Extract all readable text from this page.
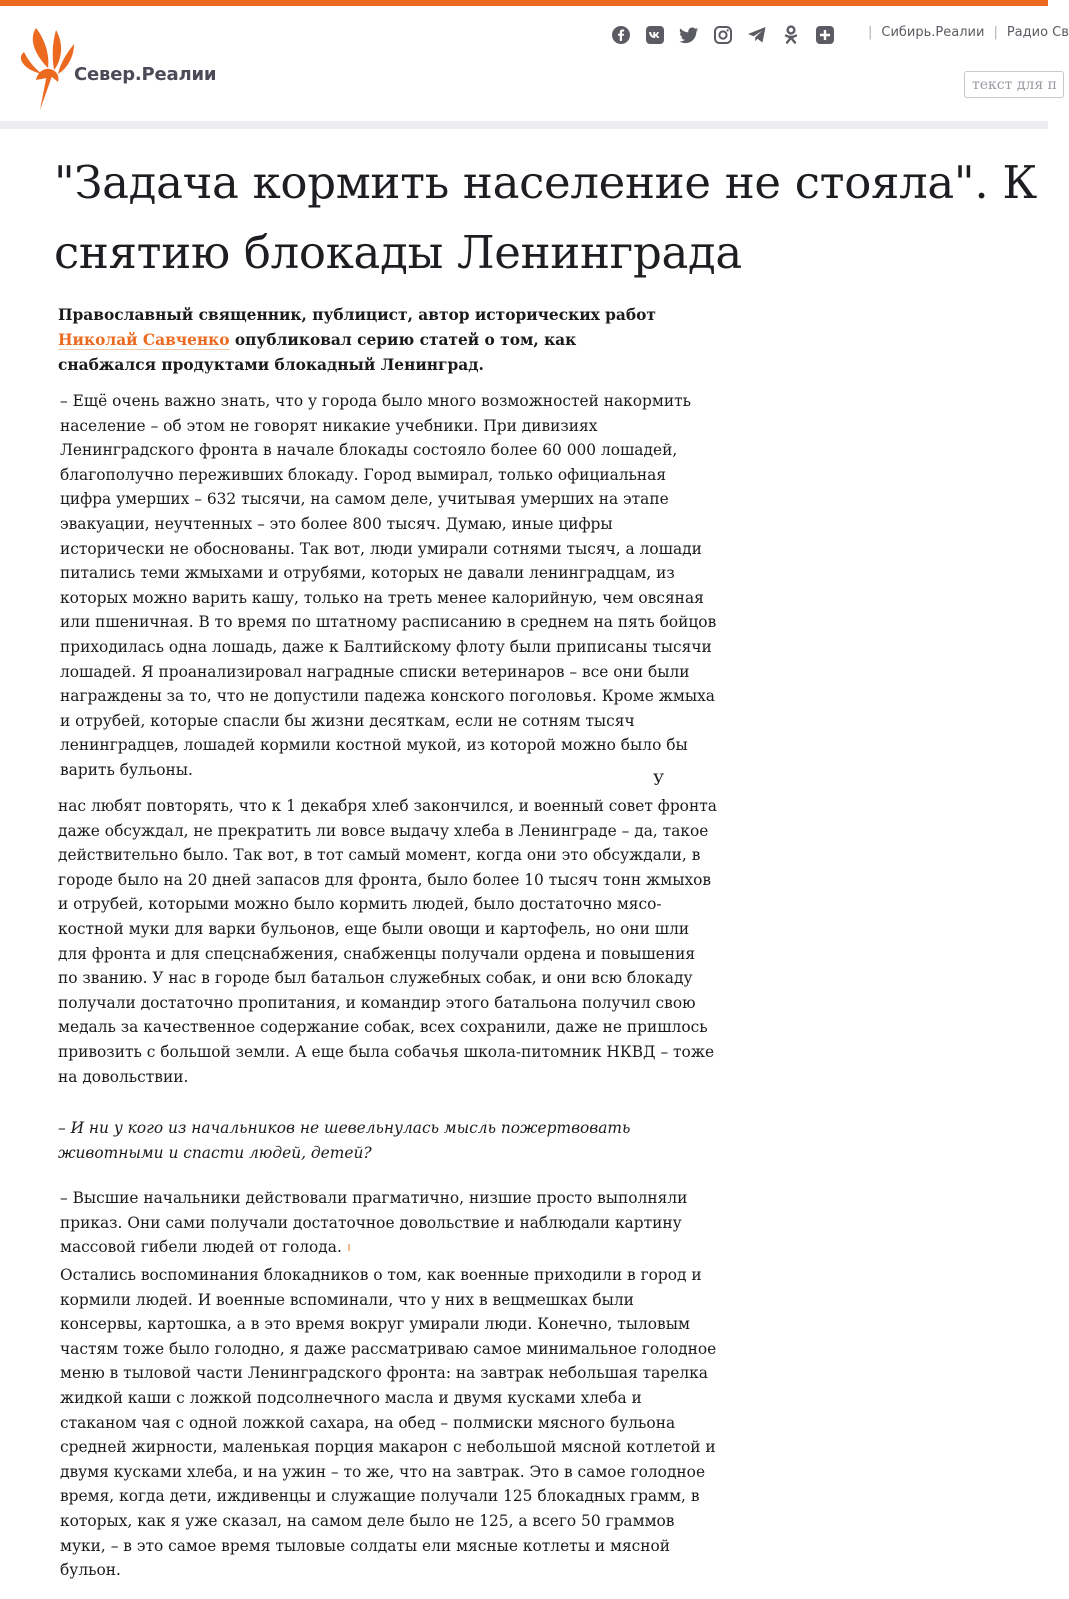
Север.Реалии
| Сибирь.Реалии | Радио Св
текст для поиска
"Задача кормить население не стояла". К снятию блокады Ленинграда

Православный священник, публицист, автор исторических работ Николай Савченко опубликовал серию статей о том, как снабжался продуктами блокадный Ленинград.

– Ещё очень важно знать, что у города было много возможностей накормить население – об этом не говорят никакие учебники. При дивизиях Ленинградского фронта в начале блокады состояло более 60 000 лошадей, благополучно переживших блокаду. Город вымирал, только официальная цифра умерших – 632 тысячи, на самом деле, учитывая умерших на этапе эвакуации, неучтенных – это более 800 тысяч. Думаю, иные цифры исторически не обоснованы. Так вот, люди умирали сотнями тысяч, а лошади питались теми жмыхами и отрубями, которых не давали ленинградцам, из которых можно варить кашу, только на треть менее калорийную, чем овсяная или пшеничная. В то время по штатному расписанию в среднем на пять бойцов приходилась одна лошадь, даже к Балтийскому флоту были приписаны тысячи лошадей. Я проанализировал наградные списки ветеринаров – все они были награждены за то, что не допустили падежа конского поголовья. Кроме жмыха и отрубей, которые спасли бы жизни десяткам, если не сотням тысяч ленинградцев, лошадей кормили костной мукой, из которой можно было бы варить бульоны.

У

нас любят повторять, что к 1 декабря хлеб закончился, и военный совет фронта даже обсуждал, не прекратить ли вовсе выдачу хлеба в Ленинграде – да, такое действительно было. Так вот, в тот самый момент, когда они это обсуждали, в городе было на 20 дней запасов для фронта, было более 10 тысяч тонн жмыхов и отрубей, которыми можно было кормить людей, было достаточно мясо-костной муки для варки бульонов, еще были овощи и картофель, но они шли для фронта и для спецснабжения, снабженцы получали ордена и повышения по званию. У нас в городе был батальон служебных собак, и они всю блокаду получали достаточно пропитания, и командир этого батальона получил свою медаль за качественное содержание собак, всех сохранили, даже не пришлось привозить с большой земли. А еще была собачья школа-питомник НКВД – тоже на довольствии.

– И ни у кого из начальников не шевельнулась мысль пожертвовать животными и спасти людей, детей?

– Высшие начальники действовали прагматично, низшие просто выполняли приказ. Они сами получали достаточное довольствие и наблюдали картину массовой гибели людей от голода.

Остались воспоминания блокадников о том, как военные приходили в город и кормили людей. И военные вспоминали, что у них в вещмешках были консервы, картошка, а в это время вокруг умирали люди. Конечно, тыловым частям тоже было голодно, я даже рассматриваю самое минимальное голодное меню в тыловой части Ленинградского фронта: на завтрак небольшая тарелка жидкой каши с ложкой подсолнечного масла и двумя кусками хлеба и стаканом чая с одной ложкой сахара, на обед – полмиски мясного бульона средней жирности, маленькая порция макарон с небольшой мясной котлетой и двумя кусками хлеба, и на ужин – то же, что на завтрак. Это в самое голодное время, когда дети, иждивенцы и служащие получали 125 блокадных грамм, в которых, как я уже сказал, на самом деле было не 125, а всего 50 граммов муки, – в это самое время тыловые солдаты ели мясные котлеты и мясной бульон.
